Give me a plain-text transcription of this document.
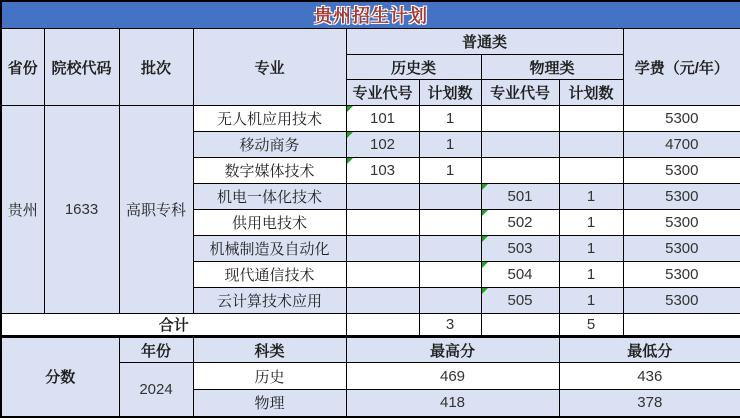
贵州招生计划								
省份	院校代码	批次	专业	普通类				学费（元/年）
				历史类		物理类		
				专业代号	计划数	专业代号	计划数	
贵州	1633	高职专科	无人机应用技术	101	1			5300
			移动商务	102	1			4700
			数字媒体技术	103	1			5300
			机电一体化技术			501	1	5300
			供用电技术			502	1	5300
			机械制造及自动化			503	1	5300
			现代通信技术			504	1	5300
			云计算技术应用			505	1	5300
合计					3		5	
分数		年份	科类	最高分			最低分	
		2024	历史	469			436	
			物理	418			378	
